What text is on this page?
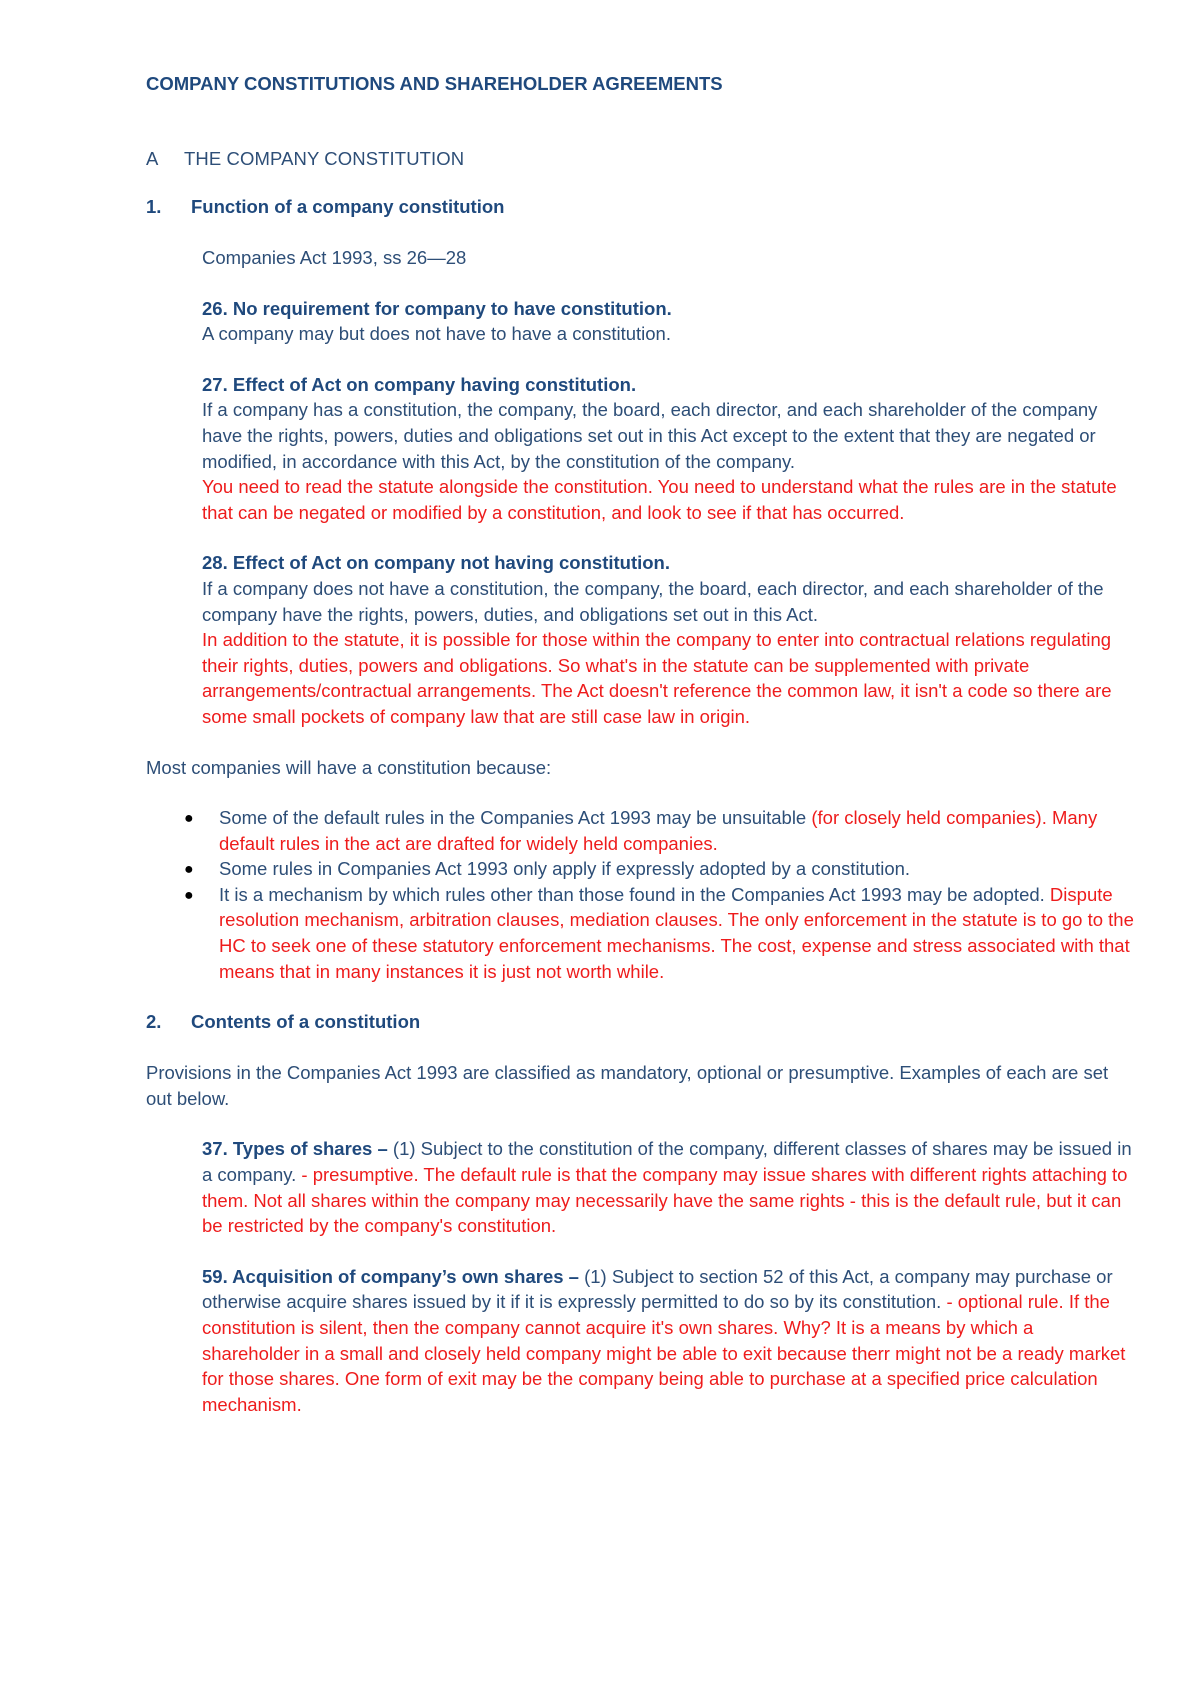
COMPANY CONSTITUTIONS AND SHAREHOLDER AGREEMENTS
A THE COMPANY CONSTITUTION
1. Function of a company constitution

Companies Act 1993, ss 26—28

26. No requirement for company to have constitution.

A company may but does not have to have a constitution.

27. Effect of Act on company having constitution.

If a company has a constitution, the company, the board, each director, and each shareholder of the company have the rights, powers, duties and obligations set out in this Act except to the extent that they are negated or modified, in accordance with this Act, by the constitution of the company.

You need to read the statute alongside the constitution. You need to understand what the rules are in the statute that can be negated or modified by a constitution, and look to see if that has occurred.

28. Effect of Act on company not having constitution.

If a company does not have a constitution, the company, the board, each director, and each shareholder of the company have the rights, powers, duties, and obligations set out in this Act.

In addition to the statute, it is possible for those within the company to enter into contractual relations regulating their rights, duties, powers and obligations. So what's in the statute can be supplemented with private arrangements/contractual arrangements. The Act doesn't reference the common law, it isn't a code so there are some small pockets of company law that are still case law in origin.

Most companies will have a constitution because:

● Some of the default rules in the Companies Act 1993 may be unsuitable (for closely held companies). Many default rules in the act are drafted for widely held companies.
● Some rules in Companies Act 1993 only apply if expressly adopted by a constitution.
● It is a mechanism by which rules other than those found in the Companies Act 1993 may be adopted. Dispute resolution mechanism, arbitration clauses, mediation clauses. The only enforcement in the statute is to go to the HC to seek one of these statutory enforcement mechanisms. The cost, expense and stress associated with that means that in many instances it is just not worth while.
2. Contents of a constitution

Provisions in the Companies Act 1993 are classified as mandatory, optional or presumptive. Examples of each are set out below.

37. Types of shares – (1) Subject to the constitution of the company, different classes of shares may be issued in a company. - presumptive. The default rule is that the company may issue shares with different rights attaching to them. Not all shares within the company may necessarily have the same rights - this is the default rule, but it can be restricted by the company's constitution.

59. Acquisition of company’s own shares – (1) Subject to section 52 of this Act, a company may purchase or otherwise acquire shares issued by it if it is expressly permitted to do so by its constitution. - optional rule. If the constitution is silent, then the company cannot acquire it's own shares. Why? It is a means by which a shareholder in a small and closely held company might be able to exit because therr might not be a ready market for those shares. One form of exit may be the company being able to purchase at a specified price calculation mechanism.
